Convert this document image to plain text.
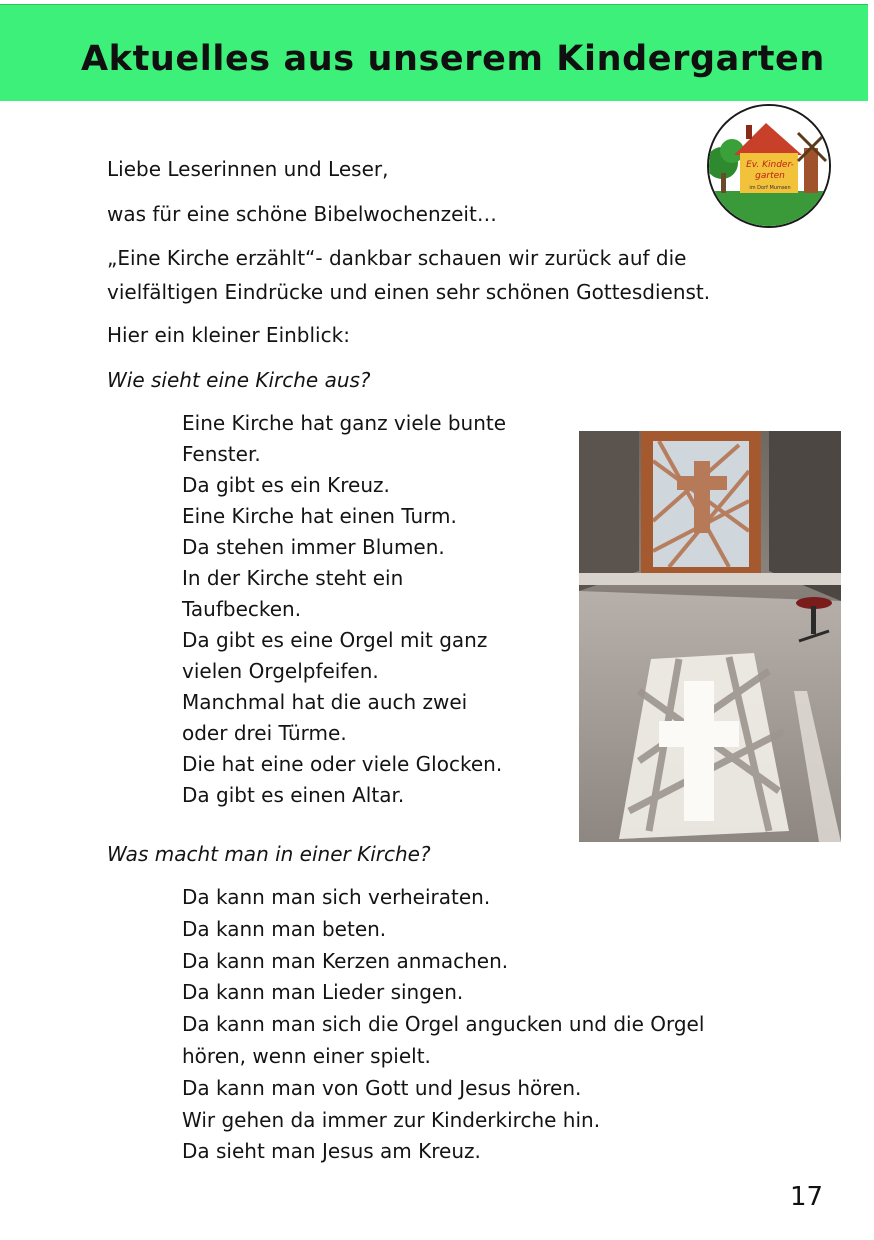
Aktuelles aus unserem Kindergarten
Ev. Kinder-
garten
im Dorf Mumsen
Liebe Leserinnen und Leser,
was für eine schöne Bibelwochenzeit…
„Eine Kirche erzählt“- dankbar schauen wir zurück auf die
vielfältigen Eindrücke und einen sehr schönen Gottesdienst.
Hier ein kleiner Einblick:
Wie sieht eine Kirche aus?
Eine Kirche hat ganz viele bunte
Fenster.
Da gibt es ein Kreuz.
Eine Kirche hat einen Turm.
Da stehen immer Blumen.
In der Kirche steht ein
Taufbecken.
Da gibt es eine Orgel mit ganz
vielen Orgelpfeifen.
Manchmal hat die auch zwei
oder drei Türme.
Die hat eine oder viele Glocken.
Da gibt es einen Altar.
Was macht man in einer Kirche?
Da kann man sich verheiraten.
Da kann man beten.
Da kann man Kerzen anmachen.
Da kann man Lieder singen.
Da kann man sich die Orgel angucken und die Orgel
hören, wenn einer spielt.
Da kann man von Gott und Jesus hören.
Wir gehen da immer zur Kinderkirche hin.
Da sieht man Jesus am Kreuz.
17
